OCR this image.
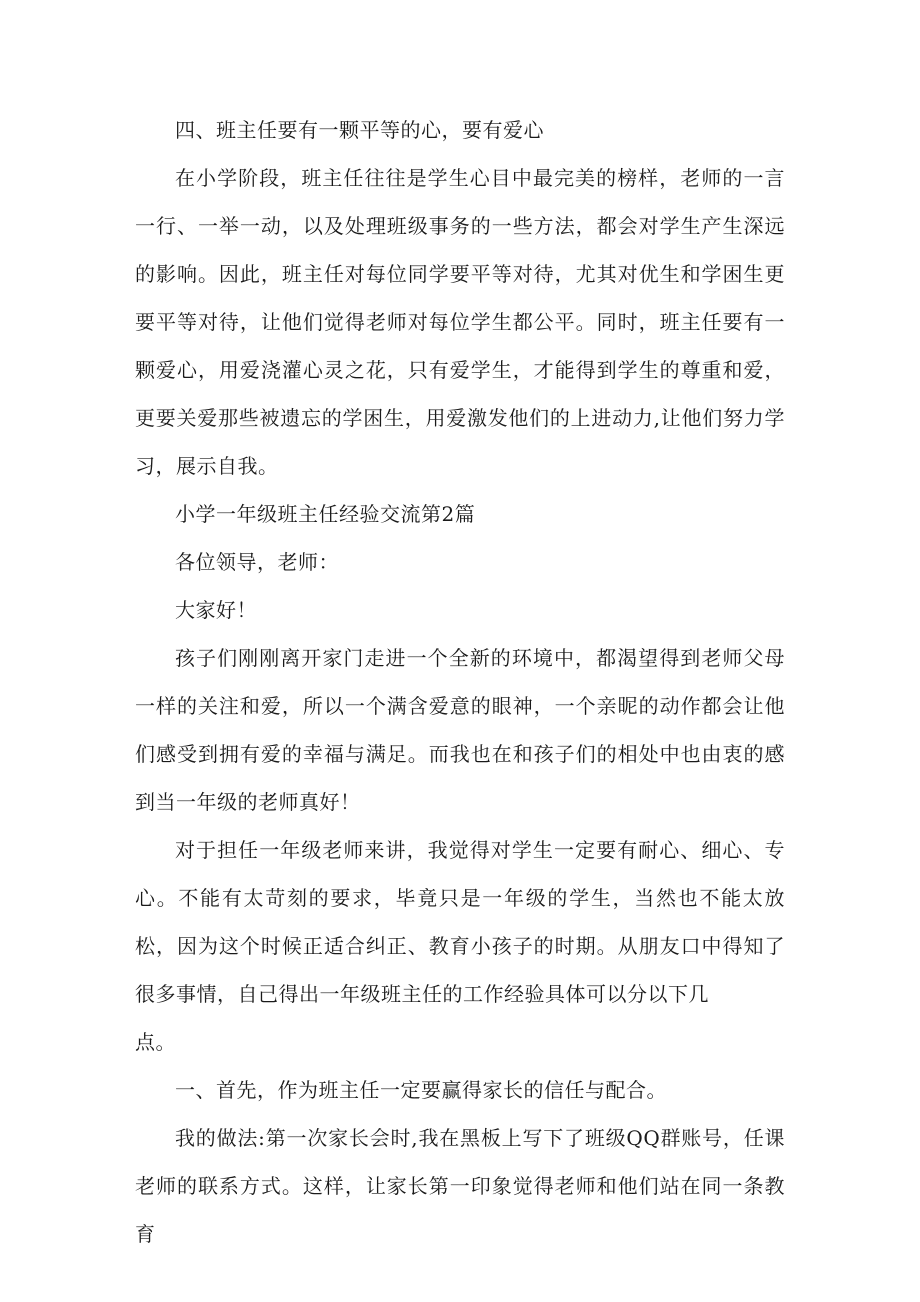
四、班主任要有一颗平等的心，要有爱心

在小学阶段，班主任往往是学生心目中最完美的榜样，老师的一言一行、一举一动，以及处理班级事务的一些方法，都会对学生产生深远的影响。因此，班主任对每位同学要平等对待，尤其对优生和学困生更要平等对待，让他们觉得老师对每位学生都公平。同时，班主任要有一颗爱心，用爱浇灌心灵之花，只有爱学生，才能得到学生的尊重和爱，更要关爱那些被遗忘的学困生，用爱激发他们的上进动力,让他们努力学习，展示自我。

小学一年级班主任经验交流第2篇

各位领导，老师：

大家好！

孩子们刚刚离开家门走进一个全新的环境中，都渴望得到老师父母一样的关注和爱，所以一个满含爱意的眼神，一个亲昵的动作都会让他们感受到拥有爱的幸福与满足。而我也在和孩子们的相处中也由衷的感到当一年级的老师真好！

对于担任一年级老师来讲，我觉得对学生一定要有耐心、细心、专心。不能有太苛刻的要求，毕竟只是一年级的学生，当然也不能太放松，因为这个时候正适合纠正、教育小孩子的时期。从朋友口中得知了很多事情，自己得出一年级班主任的工作经验具体可以分以下几

点。

一、首先，作为班主任一定要赢得家长的信任与配合。

我的做法:第一次家长会时,我在黑板上写下了班级QQ群账号，任课老师的联系方式。这样，让家长第一印象觉得老师和他们站在同一条教育
